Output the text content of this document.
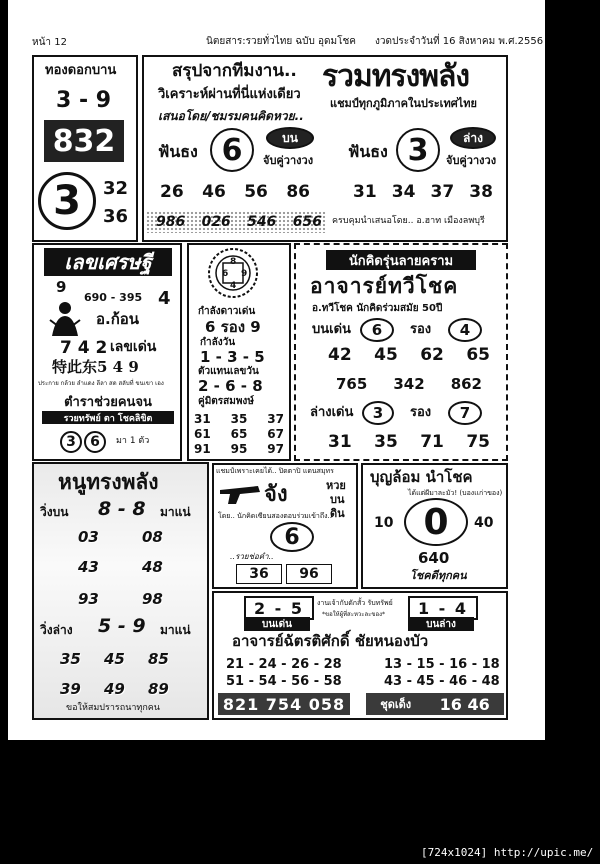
หน้า 12	นิตยสาร:รวยทั่วไทย ฉบับ อุดมโชค งวดประจำวันที่ 16 สิงหาคม พ.ศ.2556
ทองดอกบาน
3 - 9
832
3	32
36
สรุปจากทีมงาน..
วิเคราะห์ผ่านที่นี่แห่งเดียว
เสนอโดย/ชมรมคนคิดหวย..
รวมทรงพลัง
แชมป์ทุกภูมิภาคในประเทศไทย
ฟันธง 6	บน
จับคู่วางวง ฟันธง 3	ล่าง
จับคู่วางวง
26 46 56 86	31 34 37 38
986 026 546 656 ครบคุมนำเสนอโดย.. อ.ฮาท เมืองลพบุรี
เลขเศรษฐี
9
690 - 395 4
อ.ก้อน
7 4 2 เลขเด่น
特此东5 4 9
ประกาย กล้วย ลำแดง ลีลา สด สลับที่ ขนเขา เอง
ตำราช่วยคนจน
รวยทรัพย์ ตา โชคลิขิต
3	6	มา 1 ตัว
8
6 9
4
กำลังดาวเด่น
6 รอง 9
กำลังวัน
1 - 3 - 5
ตัวแทนเลขวัน
2 - 6 - 8
คู่มิตรสมพงษ์
31 35 37
61 65 67
91 95 97
นักคิดรุ่นลายคราม
อาจารย์ทวีโชค
อ.ทวีโชค นักคิดร่วมสมัย 50ปี
บนเด่น	6	รอง	4
42 45 62 65
765 342 862
ล่างเด่น	3	รอง	7
31 35 71 75
หนูทรงพลัง
วิ่งบน 8 - 8 มาแน่
03	08
43	48
93	98
วิ่งล่าง 5 - 9 มาแน่
35 45 85
39 49 89
ขอให้สมปรารถนาทุกคน
แชมป์เพราะเคยได้.. ปิดตาปิ แดนสมุทร
จัง	หวย
บน
ดิน
โดย.. นักคิดเซียนสองตอบร่วมเข้าถึง..
6
..รวยช่อคำ..
36	96
บุญล้อม นำโชค
ได้แต่ผีมาละมัว! (บองเเก่าของ)
10 0	40
640
โชคดีทุกคน
2 - 5
บนเด่น
งานเจ้ากับดักสั้ว รับทรัพย์
*ขอให้ผู้ที่สะหวะละของ*	1 - 4
บนล่าง
อาจารย์ฉัตรติศักดิ์ ชัยหนองบัว
21 - 24 - 26 - 28
51 - 54 - 56 - 58
13 - 15 - 16 - 18
43 - 45 - 46 - 48
821 754 058	ชุดเด็ง 16 46
[724x1024] http://upic.me/
